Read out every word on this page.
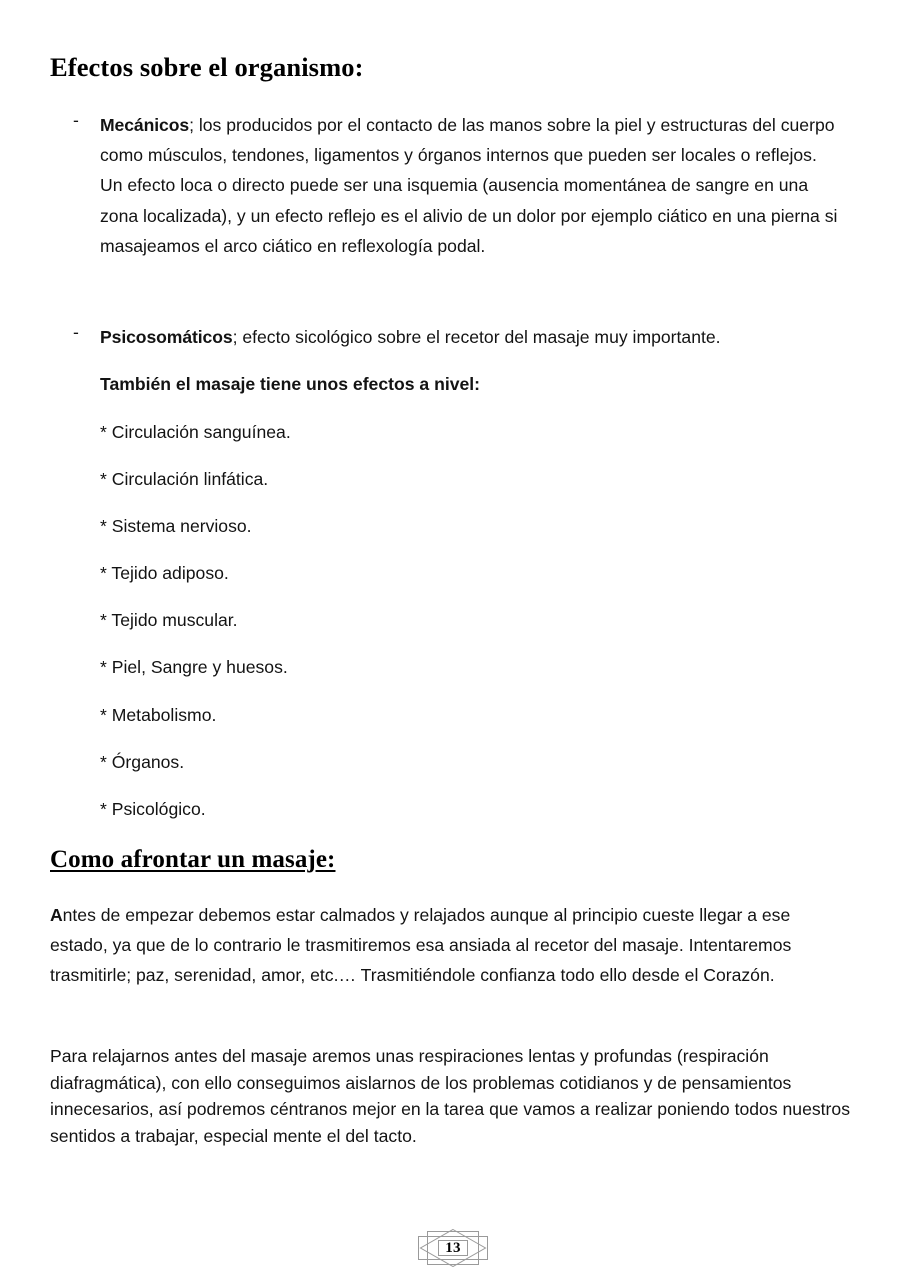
Efectos sobre el organismo:
-	Mecánicos; los producidos por el contacto de las manos sobre la piel y estructuras del cuerpo como músculos, tendones, ligamentos y órganos internos que pueden ser locales o reflejos.

Un efecto loca o directo puede ser una isquemia (ausencia momentánea de sangre en una zona localizada), y un efecto reflejo es el alivio de un dolor por ejemplo ciático en una pierna si masajeamos el arco ciático en reflexología podal.

-	Psicosomáticos; efecto sicológico sobre el recetor del masaje muy importante.

También el masaje tiene unos efectos a nivel:
* Circulación sanguínea.
* Circulación linfática.
* Sistema nervioso.
* Tejido adiposo.
* Tejido muscular.
* Piel, Sangre y huesos.
* Metabolismo.
* Órganos.
* Psicológico.
Como afrontar un masaje:

Antes de empezar debemos estar calmados y relajados aunque al principio cueste llegar a ese estado, ya que de lo contrario le trasmitiremos esa ansiada al recetor del masaje. Intentaremos trasmitirle; paz, serenidad, amor, etc.… Trasmitiéndole confianza todo ello desde el Corazón.

Para relajarnos antes del masaje aremos unas respiraciones lentas y profundas (respiración diafragmática), con ello conseguimos aislarnos de los problemas cotidianos y de pensamientos innecesarios, así podremos céntranos mejor en la tarea que vamos a realizar poniendo todos nuestros sentidos a trabajar, especial mente el del tacto.

13
